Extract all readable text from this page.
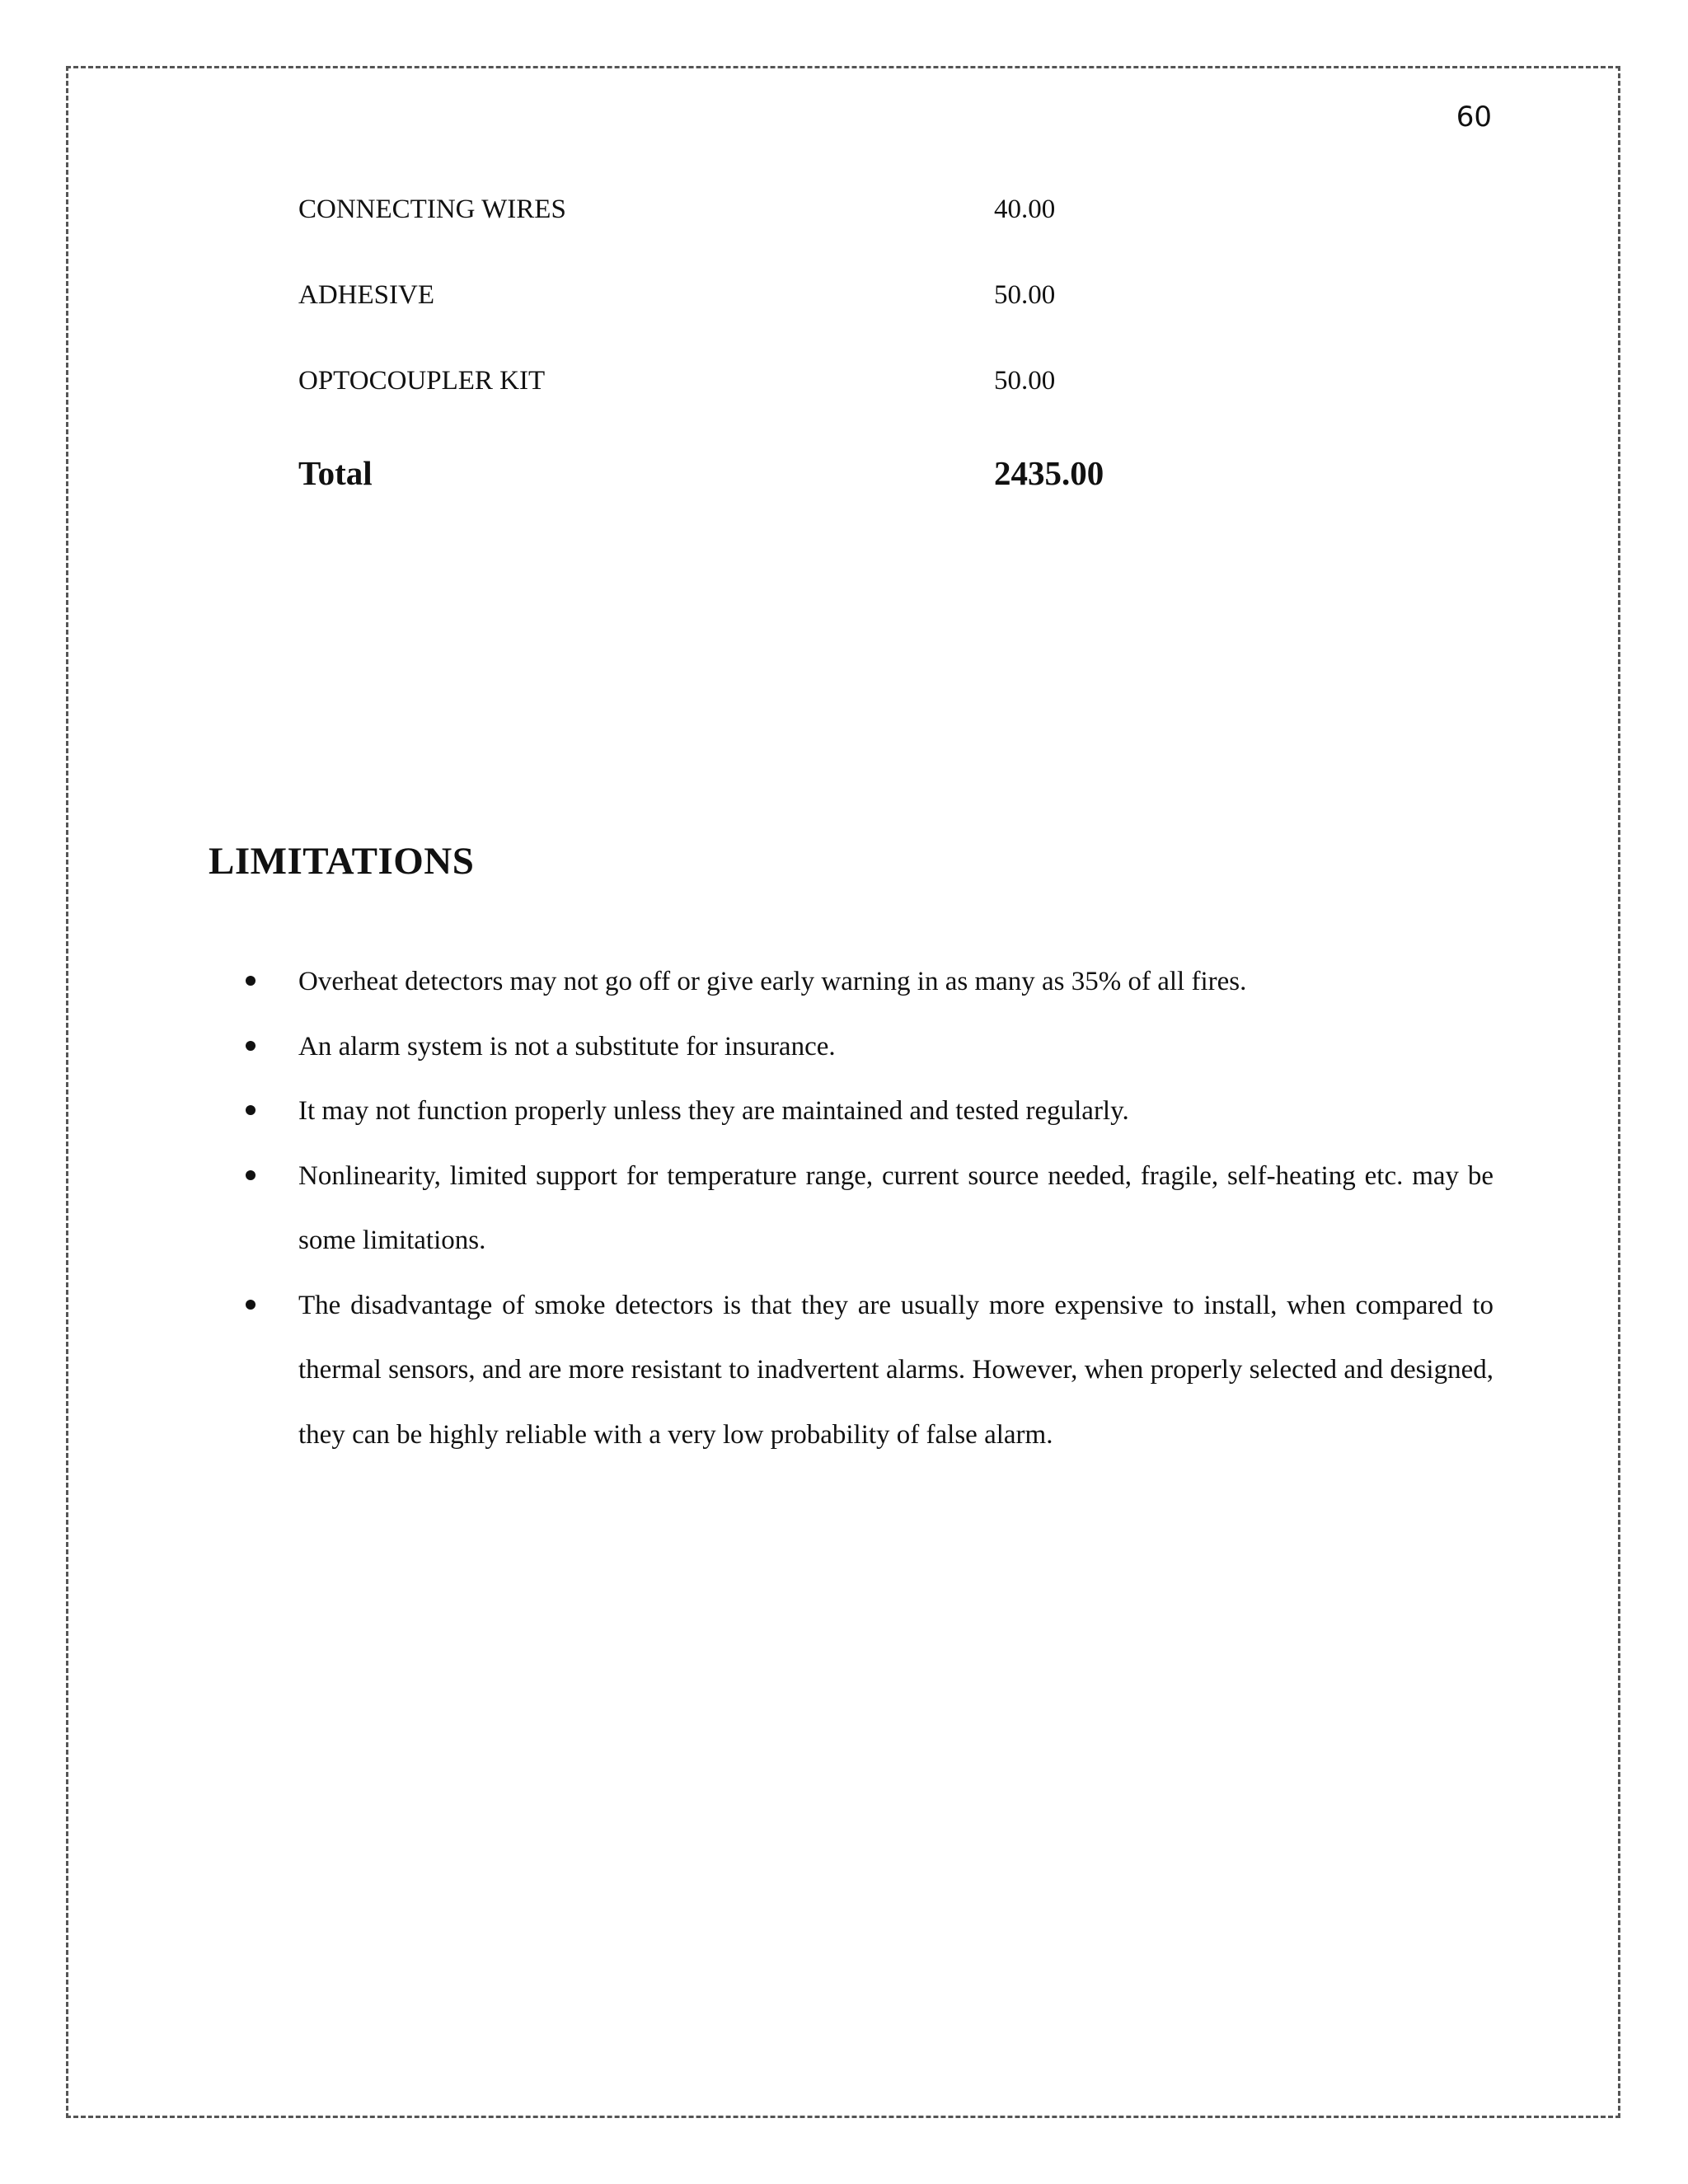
60
CONNECTING WIRES	40.00
ADHESIVE	50.00
OPTOCOUPLER KIT	50.00
Total	2435.00
LIMITATIONS
Overheat detectors may not go off or give early warning in as many as 35% of all fires.
An alarm system is not a substitute for insurance.
It may not function properly unless they are maintained and tested regularly.
Nonlinearity, limited support for temperature range, current source needed, fragile, self-heating etc. may be some limitations.
The disadvantage of smoke detectors is that they are usually more expensive to install, when compared to thermal sensors, and are more resistant to inadvertent alarms. However, when properly selected and designed, they can be highly reliable with a very low probability of false alarm.
